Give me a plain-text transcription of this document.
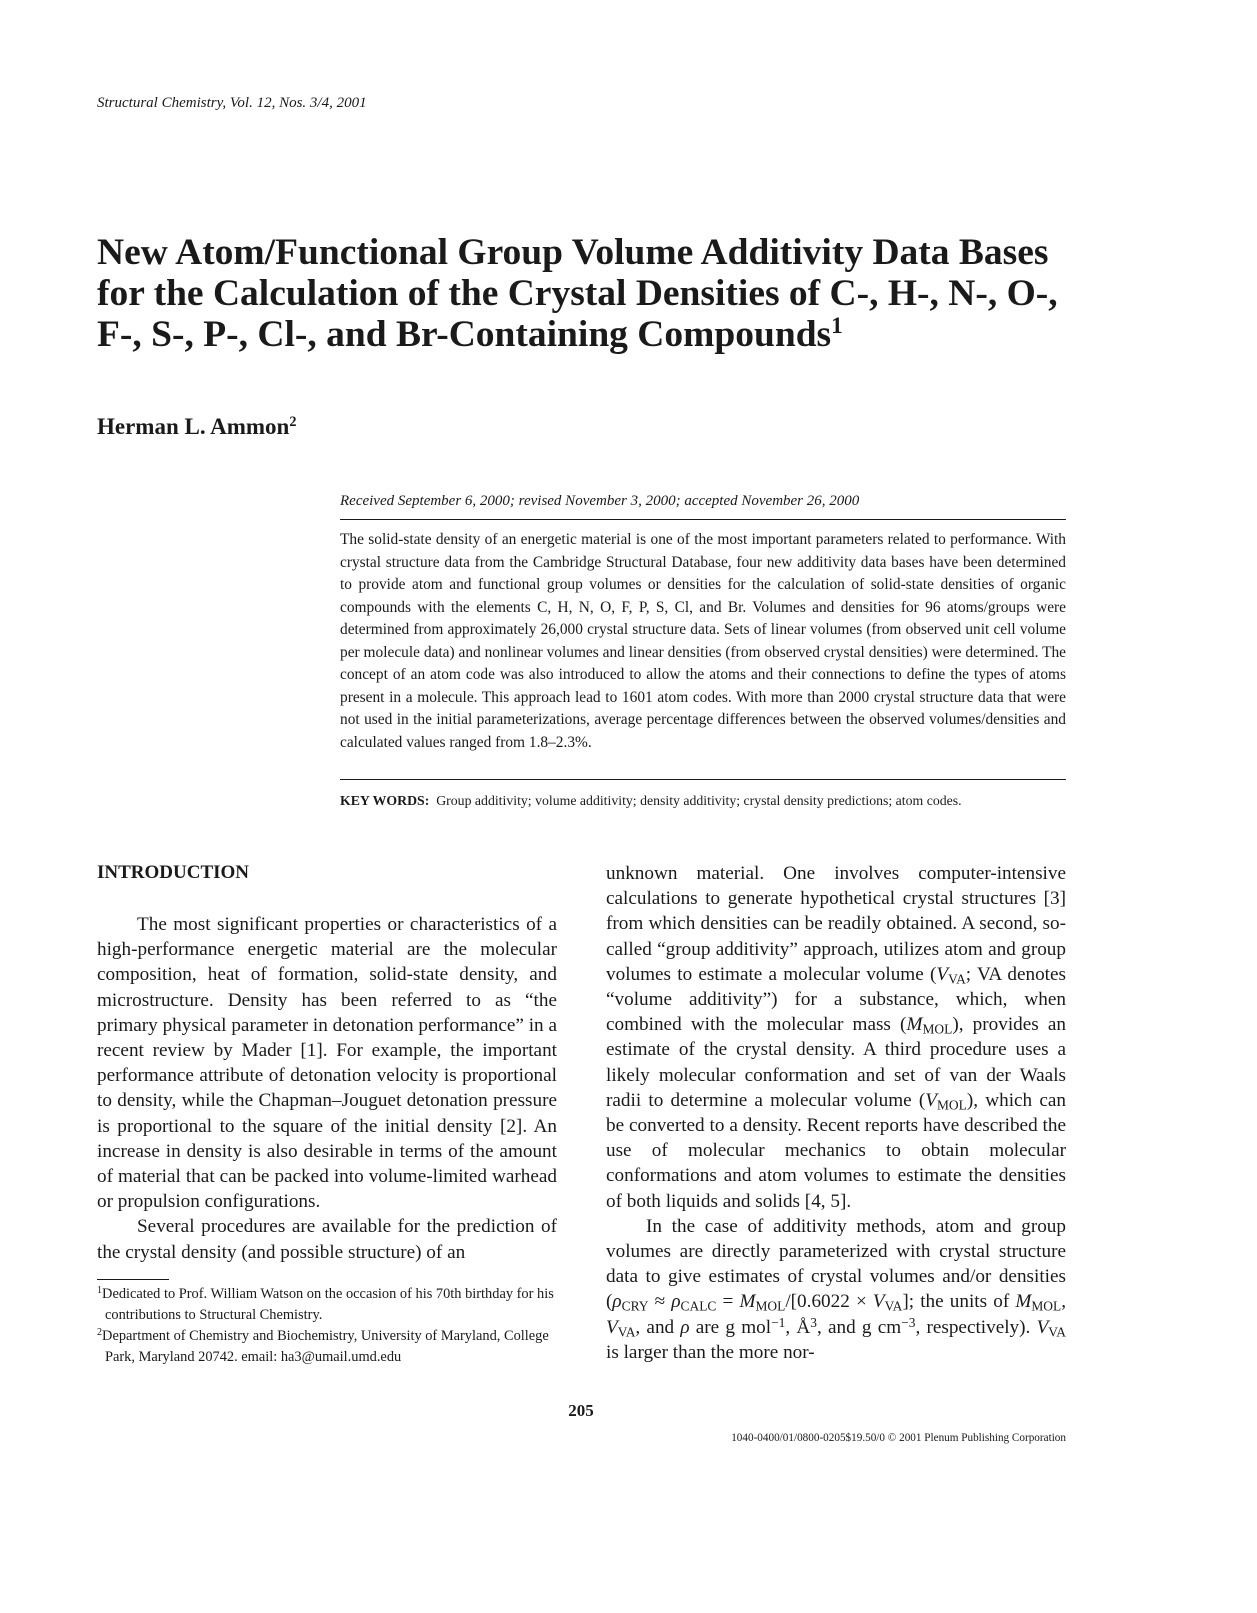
Structural Chemistry, Vol. 12, Nos. 3/4, 2001
New Atom/Functional Group Volume Additivity Data Bases
for the Calculation of the Crystal Densities of C-, H-, N-, O-,
F-, S-, P-, Cl-, and Br-Containing Compounds$^1$
Herman L. Ammon$^2$
Received September 6, 2000; revised November 3, 2000; accepted November 26, 2000
The solid-state density of an energetic material is one of the most important parameters related to performance. With crystal structure data from the Cambridge Structural Database, four new additivity data bases have been determined to provide atom and functional group volumes or densities for the calculation of solid-state densities of organic compounds with the elements C, H, N, O, F, P, S, Cl, and Br. Volumes and densities for 96 atoms/groups were determined from approximately 26,000 crystal structure data. Sets of linear volumes (from observed unit cell volume per molecule data) and nonlinear volumes and linear densities (from observed crystal densities) were determined. The concept of an atom code was also introduced to allow the atoms and their connections to define the types of atoms present in a molecule. This approach lead to 1601 atom codes. With more than 2000 crystal structure data that were not used in the initial parameterizations, average percentage differences between the observed volumes/densities and calculated values ranged from 1.8–2.3%.
KEY WORDS: Group additivity; volume additivity; density additivity; crystal density predictions; atom codes.
INTRODUCTION

The most significant properties or characteristics of a high-performance energetic material are the molecular composition, heat of formation, solid-state density, and microstructure. Density has been referred to as “the primary physical parameter in detonation performance” in a recent review by Mader [1]. For example, the important performance attribute of detonation velocity is proportional to density, while the Chapman–Jouguet detonation pressure is proportional to the square of the initial density [2]. An increase in density is also desirable in terms of the amount of material that can be packed into volume-limited warhead or propulsion configurations.

Several procedures are available for the prediction of the crystal density (and possible structure) of an

unknown material. One involves computer-intensive calculations to generate hypothetical crystal structures [3] from which densities can be readily obtained. A second, so-called “group additivity” approach, utilizes atom and group volumes to estimate a molecular volume ($V_{VA}$; VA denotes “volume additivity”) for a substance, which, when combined with the molecular mass $(M_{MOL})$, provides an estimate of the crystal density. A third procedure uses a likely molecular conformation and set of van der Waals radii to determine a molecular volume $(V_{MOL})$, which can be converted to a density. Recent reports have described the use of molecular mechanics to obtain molecular conformations and atom volumes to estimate the densities of both liquids and solids [4, 5].

In the case of additivity methods, atom and group volumes are directly parameterized with crystal structure data to give estimates of crystal volumes and/or densities ($\rho_{CRY} \approx \rho_{CALC} = M_{MOL}/[0.6022 \times V_{VA}]$; the units of $M_{MOL}$, $V_{VA}$, and ρ are g mol$^{-1}$, $Å^3$, and g $cm^{-3}$, respectively). $V_{VA}$ is larger than the more nor-

$^1$Dedicated to Prof. William Watson on the occasion of his 70th birthday for his contributions to Structural Chemistry.

$^2$Department of Chemistry and Biochemistry, University of Maryland, College Park, Maryland 20742. email: ha3@umail.umd.edu

205
1040-0400/01/0800-0205$19.50/0 © 2001 Plenum Publishing Corporation
